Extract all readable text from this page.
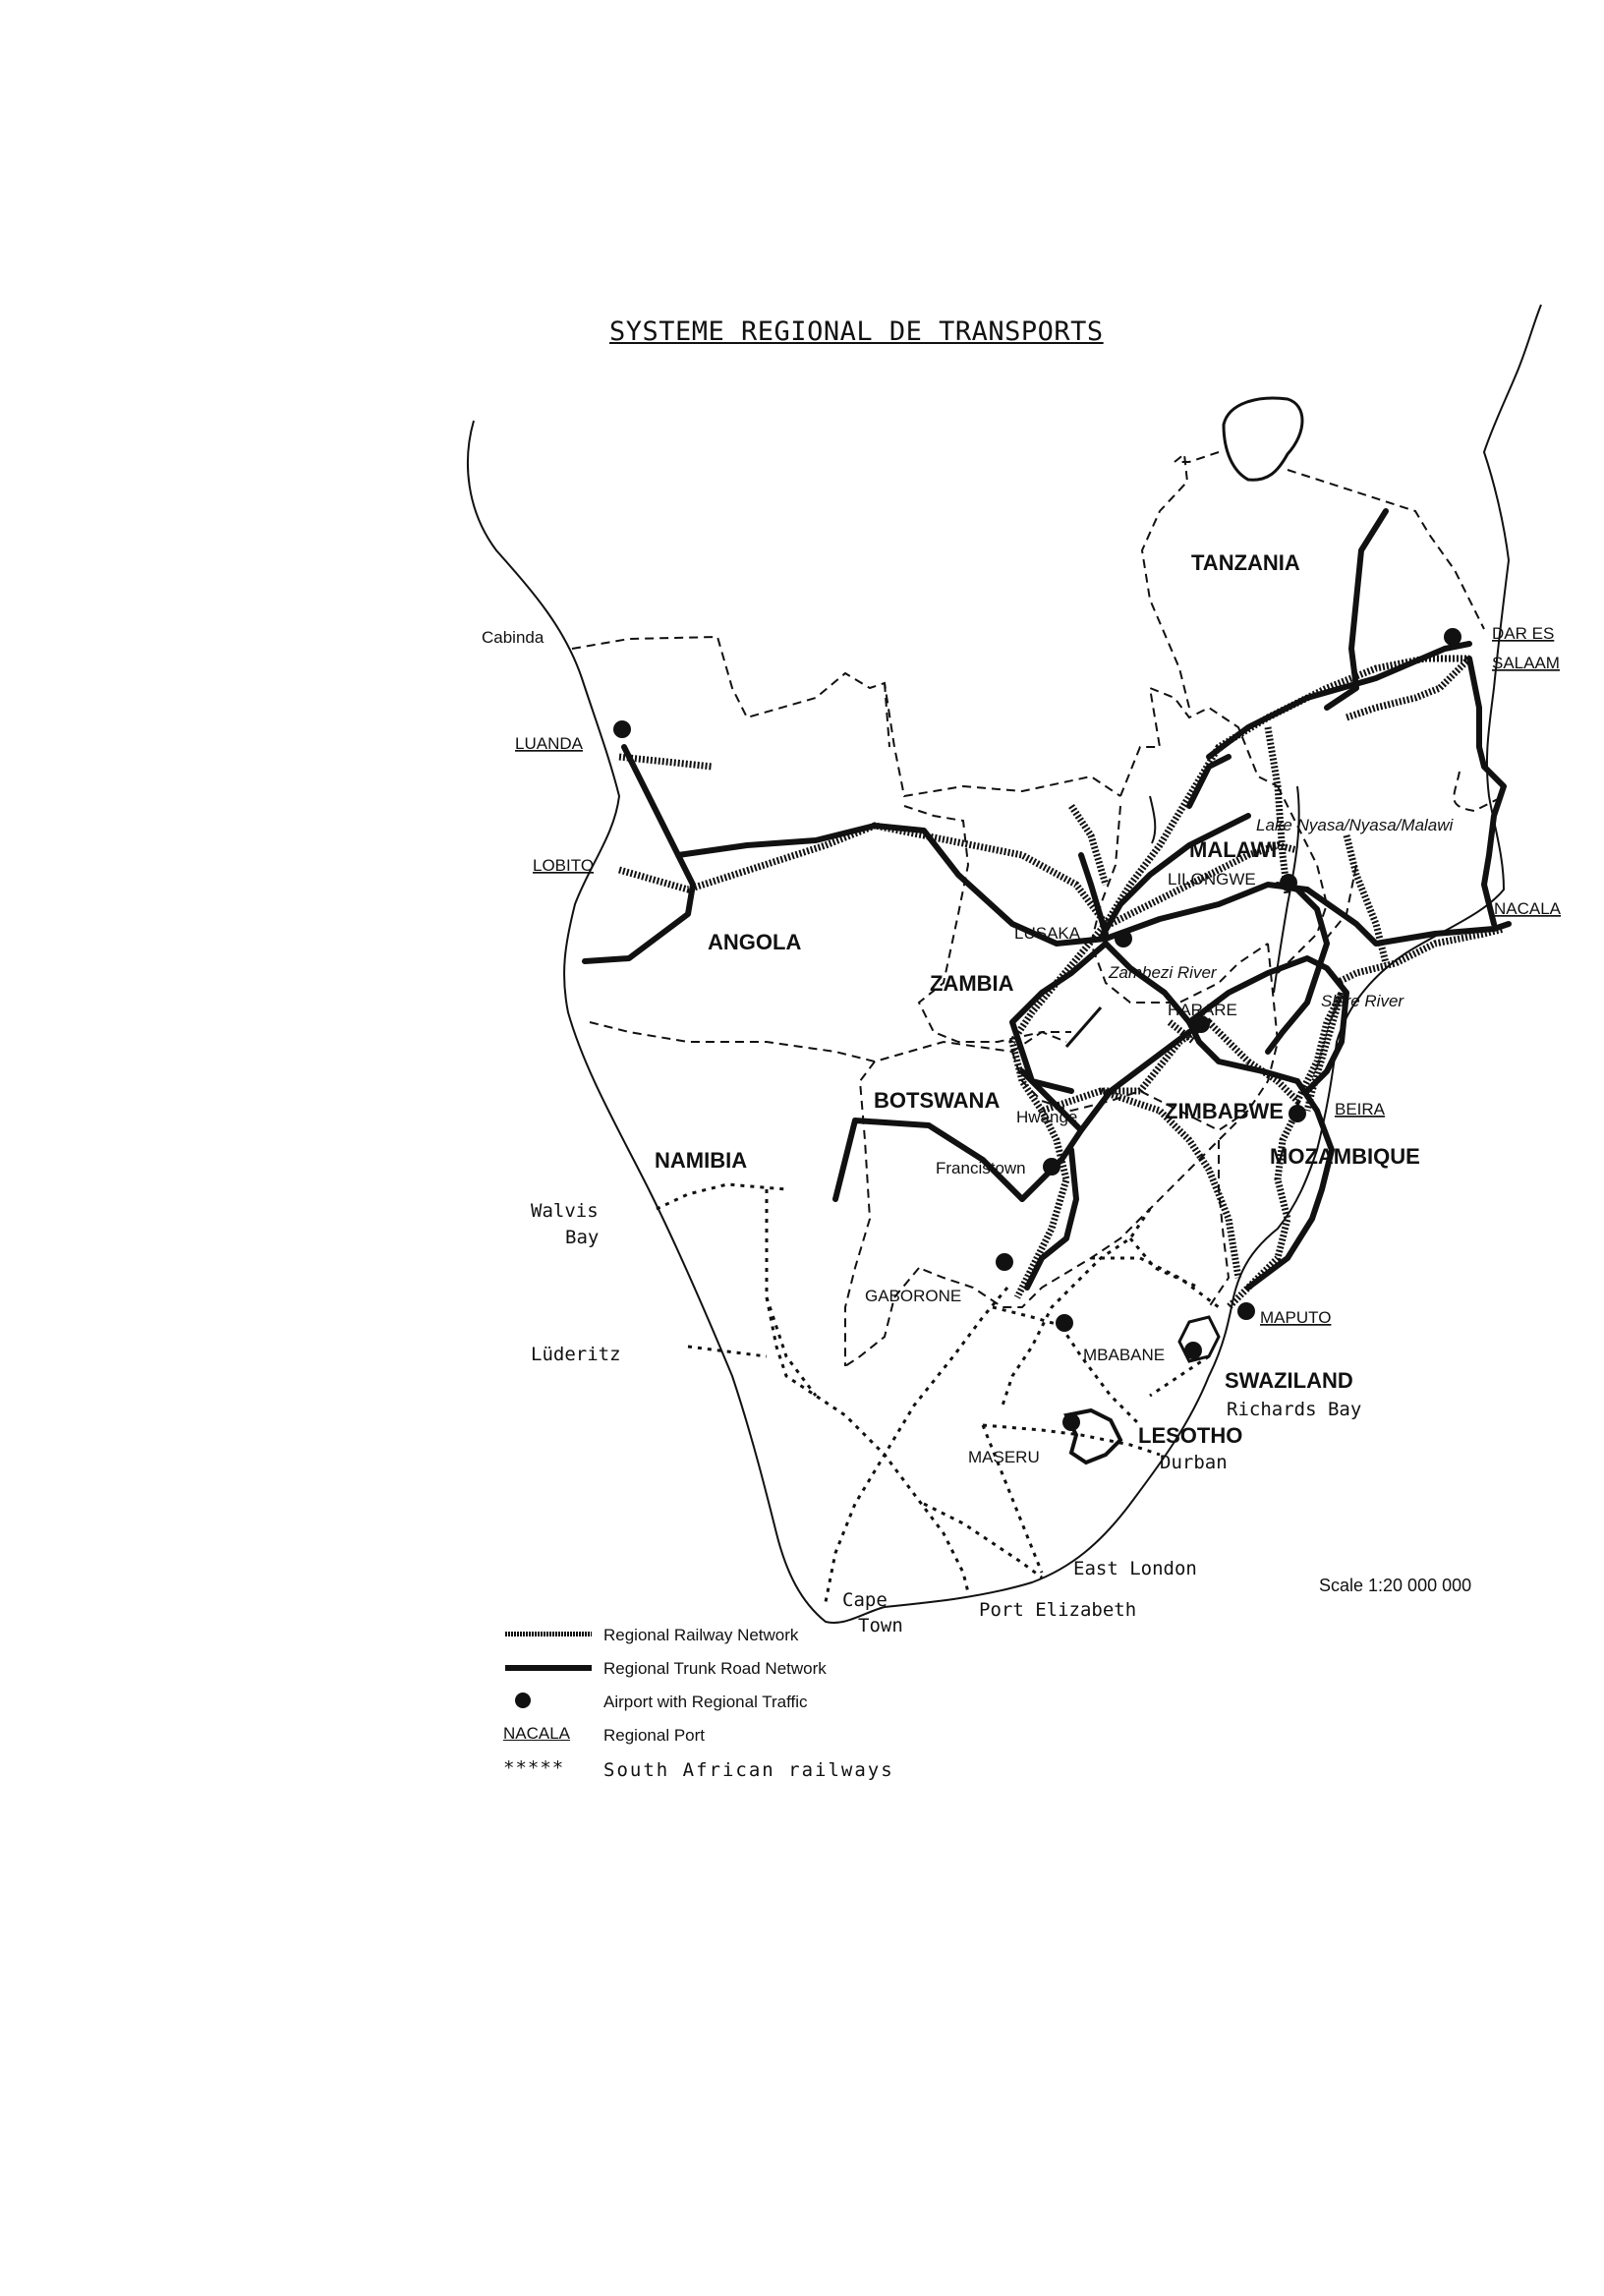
SYSTEME REGIONAL DE TRANSPORTS
TANZANIA
ANGOLA
ZAMBIA
MALAWI
BOTSWANA	ZIMBABWE
MOZAMBIQUE
NAMIBIA
SWAZILAND
LESOTHO
Cabinda
LUANDA
LOBITO
LUSAKA
LILONGWE
HARARE
Hwange
Francistown
GABORONE
BEIRA
MAPUTO
MBABANE
MASERU
DAR ES
SALAAM
NACALA
Walvis
Bay
Lüderitz
Richards Bay
Durban
East London
Port Elizabeth
Cape
Town
Lake Nyasa/Nyasa/Malawi
Zambezi River
Shire River
Scale 1:20 000 000
Regional Railway Network
Regional Trunk Road Network
Airport with Regional Traffic
NACALA Regional Port
***** South African railways
